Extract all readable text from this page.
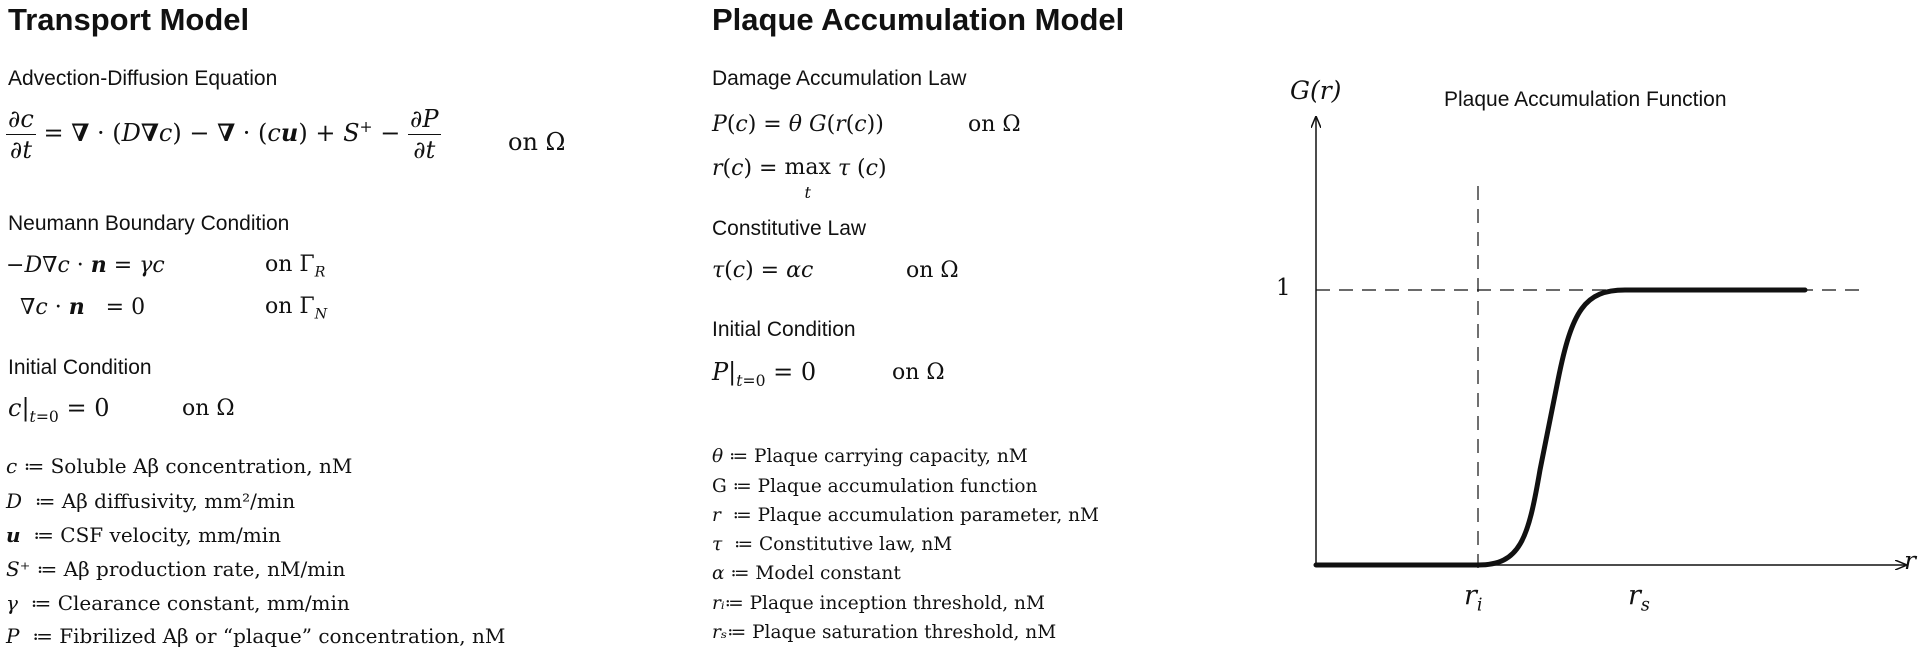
Transport Model
Advection-Diffusion Equation
$\frac{\partial c}{\partial t}$ = ∇ · (D∇c) − ∇ · $(cu) + S^+ - \frac{\partial P}{\partial t}$	on Ω
Neumann Boundary Condition
−D∇c · n = γc	on $\Gamma_R$
∇c · n   = 0	on $\Gamma_N$
Initial Condition
$c|_{t=0} = 0$	on Ω
c ≔ Soluble Aβ concentration, nM
D ≔ Aβ diffusivity, mm²/min
u ≔ CSF velocity, mm/min
S⁺ ≔ Aβ production rate, nM/min
γ ≔ Clearance constant, mm/min
P ≔ Fibrilized Aβ or “plaque” concentration, nM
Plaque Accumulation Model
Damage Accumulation Law
P(c) = θ G(r(c))	on Ω
r(c) = max
t τ (c)
Constitutive Law
τ(c) = αc	on Ω
Initial Condition
$P|_{t=0} = 0$	on Ω
θ ≔ Plaque carrying capacity, nM
G ≔ Plaque accumulation function
r ≔ Plaque accumulation parameter, nM
τ ≔ Constitutive law, nM
α ≔ Model constant
rᵢ≔ Plaque inception threshold, nM
rₛ≔ Plaque saturation threshold, nM
G(r)	Plaque Accumulation Function
1
r
$r_i$	$r_s$
